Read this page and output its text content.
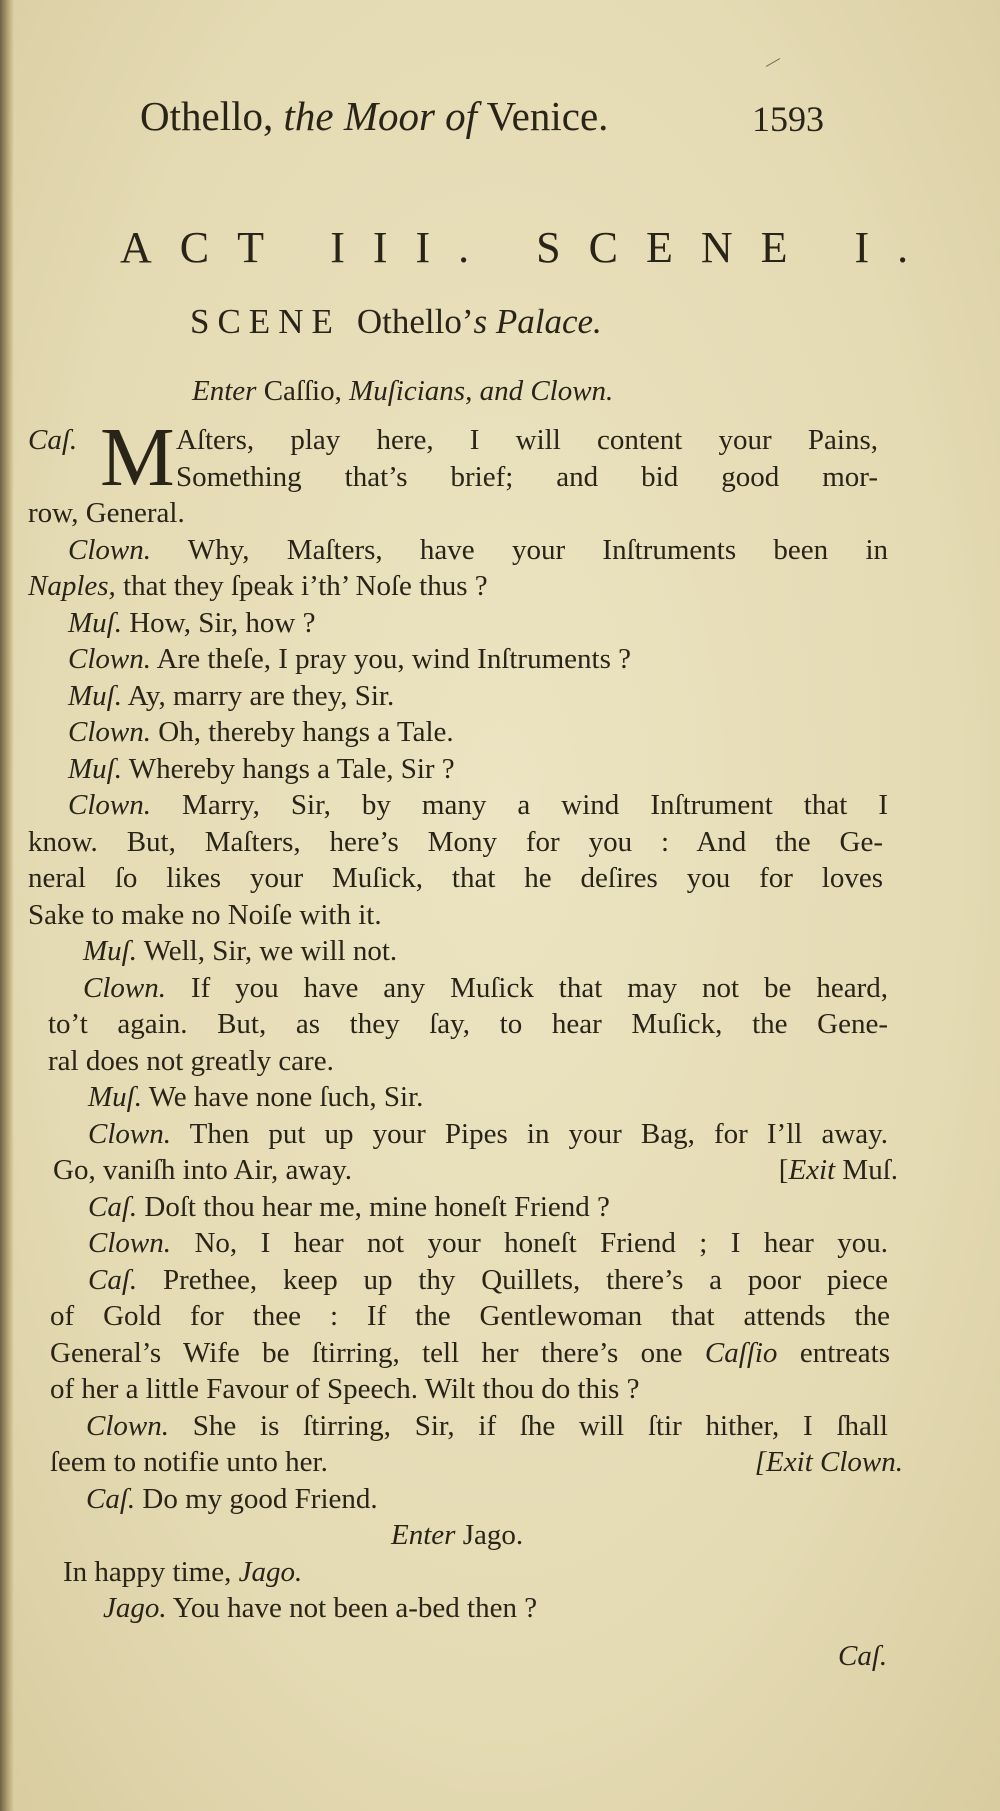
Othello, the Moor of Venice.	1593
ACT III. SCENE I.
SCENE Othello’s Palace.
Enter Caſſio, Muſicians, and Clown.
Caſ. M Aſters, play here, I will content your Pains,
Something that’s brief; and bid good mor-
row, General.
Clown. Why, Maſters, have your Inſtruments been in
Naples, that they ſpeak i’th’ Noſe thus ?
Muſ. How, Sir, how ?
Clown. Are theſe, I pray you, wind Inſtruments ?
Muſ. Ay, marry are they, Sir.
Clown. Oh, thereby hangs a Tale.
Muſ. Whereby hangs a Tale, Sir ?
Clown. Marry, Sir, by many a wind Inſtrument that I
know. But, Maſters, here’s Mony for you : And the Ge-
neral ſo likes your Muſick, that he deſires you for loves
Sake to make no Noiſe with it.
Muſ. Well, Sir, we will not.
Clown. If you have any Muſick that may not be heard,
to’t again. But, as they ſay, to hear Muſick, the Gene-
ral does not greatly care.
Muſ. We have none ſuch, Sir.
Clown. Then put up your Pipes in your Bag, for I’ll away.
Go, vaniſh into Air, away.	[Exit Muſ.
Caſ. Doſt thou hear me, mine honeſt Friend ?
Clown. No, I hear not your honeſt Friend ; I hear you.
Caſ. Prethee, keep up thy Quillets, there’s a poor piece
of Gold for thee : If the Gentlewoman that attends the
General’s Wife be ſtirring, tell her there’s one Caſſio entreats
of her a little Favour of Speech. Wilt thou do this ?
Clown. She is ſtirring, Sir, if ſhe will ſtir hither, I ſhall
ſeem to notifie unto her.	[Exit Clown.
Caſ. Do my good Friend.
Enter Jago.
In happy time, Jago.
Jago. You have not been a-bed then ?
Caſ.
